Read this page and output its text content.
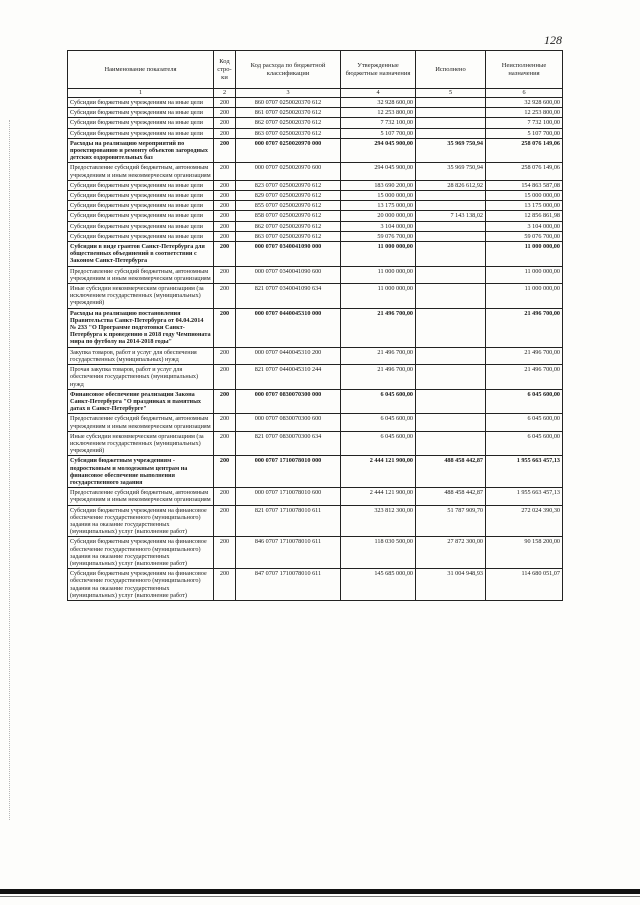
128
Наименование показателя	Код стро-ки	Код расхода по бюджетной классификации	Утвержденные бюджетные назначения	Исполнено	Неисполненные назначения
1	2	3	4	5	6
Субсидии бюджетным учреждениям на иные цели	200	860 0707 0250020370 612	32 928 600,00		32 928 600,00
Субсидии бюджетным учреждениям на иные цели	200	861 0707 0250020370 612	12 253 800,00		12 253 800,00
Субсидии бюджетным учреждениям на иные цели	200	862 0707 0250020370 612	7 732 100,00		7 732 100,00
Субсидии бюджетным учреждениям на иные цели	200	863 0707 0250020370 612	5 107 700,00		5 107 700,00
Расходы на реализацию мероприятий по проектированию и ремонту объектов загородных детских оздоровительных баз	200	000 0707 0250020970 000	294 045 900,00	35 969 750,94	258 076 149,06
Предоставление субсидий бюджетным, автономным учреждениям и иным некоммерческим организациям	200	000 0707 0250020970 600	294 045 900,00	35 969 750,94	258 076 149,06
Субсидии бюджетным учреждениям на иные цели	200	823 0707 0250020970 612	183 690 200,00	28 826 612,92	154 863 587,08
Субсидии бюджетным учреждениям на иные цели	200	829 0707 0250020970 612	15 000 000,00		15 000 000,00
Субсидии бюджетным учреждениям на иные цели	200	855 0707 0250020970 612	13 175 000,00		13 175 000,00
Субсидии бюджетным учреждениям на иные цели	200	858 0707 0250020970 612	20 000 000,00	7 143 138,02	12 856 861,98
Субсидии бюджетным учреждениям на иные цели	200	862 0707 0250020970 612	3 104 000,00		3 104 000,00
Субсидии бюджетным учреждениям на иные цели	200	863 0707 0250020970 612	59 076 700,00		59 076 700,00
Субсидии в виде грантов Санкт-Петербурга для общественных объединений в соответствии с Законом Санкт-Петербурга	200	000 0707 0340041090 000	11 000 000,00		11 000 000,00
Предоставление субсидий бюджетным, автономным учреждениям и иным некоммерческим организациям	200	000 0707 0340041090 600	11 000 000,00		11 000 000,00
Иные субсидии некоммерческим организациям (за исключением государственных (муниципальных) учреждений)	200	821 0707 0340041090 634	11 000 000,00		11 000 000,00
Расходы на реализацию постановления Правительства Санкт-Петербурга от 04.04.2014 № 233 "О Программе подготовки Санкт-Петербурга к проведению в 2018 году Чемпионата мира по футболу на 2014-2018 годы"	200	000 0707 0440045310 000	21 496 700,00		21 496 700,00
Закупка товаров, работ и услуг для обеспечения государственных (муниципальных) нужд	200	000 0707 0440045310 200	21 496 700,00		21 496 700,00
Прочая закупка товаров, работ и услуг для обеспечения государственных (муниципальных) нужд	200	821 0707 0440045310 244	21 496 700,00		21 496 700,00
Финансовое обеспечение реализации Закона Санкт-Петербурга "О праздниках и памятных датах в Санкт-Петербурге"	200	000 0707 0830070300 000	6 045 600,00		6 045 600,00
Предоставление субсидий бюджетным, автономным учреждениям и иным некоммерческим организациям	200	000 0707 0830070300 600	6 045 600,00		6 045 600,00
Иные субсидии некоммерческим организациям (за исключением государственных (муниципальных) учреждений)	200	821 0707 0830070300 634	6 045 600,00		6 045 600,00
Субсидии бюджетным учреждениям - подростковым и молодежным центрам на финансовое обеспечение выполнения государственного задания	200	000 0707 1710078010 000	2 444 121 900,00	488 458 442,87	1 955 663 457,13
Предоставление субсидий бюджетным, автономным учреждениям и иным некоммерческим организациям	200	000 0707 1710078010 600	2 444 121 900,00	488 458 442,87	1 955 663 457,13
Субсидии бюджетным учреждениям на финансовое обеспечение государственного (муниципального) задания на оказание государственных (муниципальных) услуг (выполнение работ)	200	821 0707 1710078010 611	323 812 300,00	51 787 909,70	272 024 390,30
Субсидии бюджетным учреждениям на финансовое обеспечение государственного (муниципального) задания на оказание государственных (муниципальных) услуг (выполнение работ)	200	846 0707 1710078010 611	118 030 500,00	27 872 300,00	90 158 200,00
Субсидии бюджетным учреждениям на финансовое обеспечение государственного (муниципального) задания на оказание государственных (муниципальных) услуг (выполнение работ)	200	847 0707 1710078010 611	145 685 000,00	31 004 948,93	114 680 051,07
